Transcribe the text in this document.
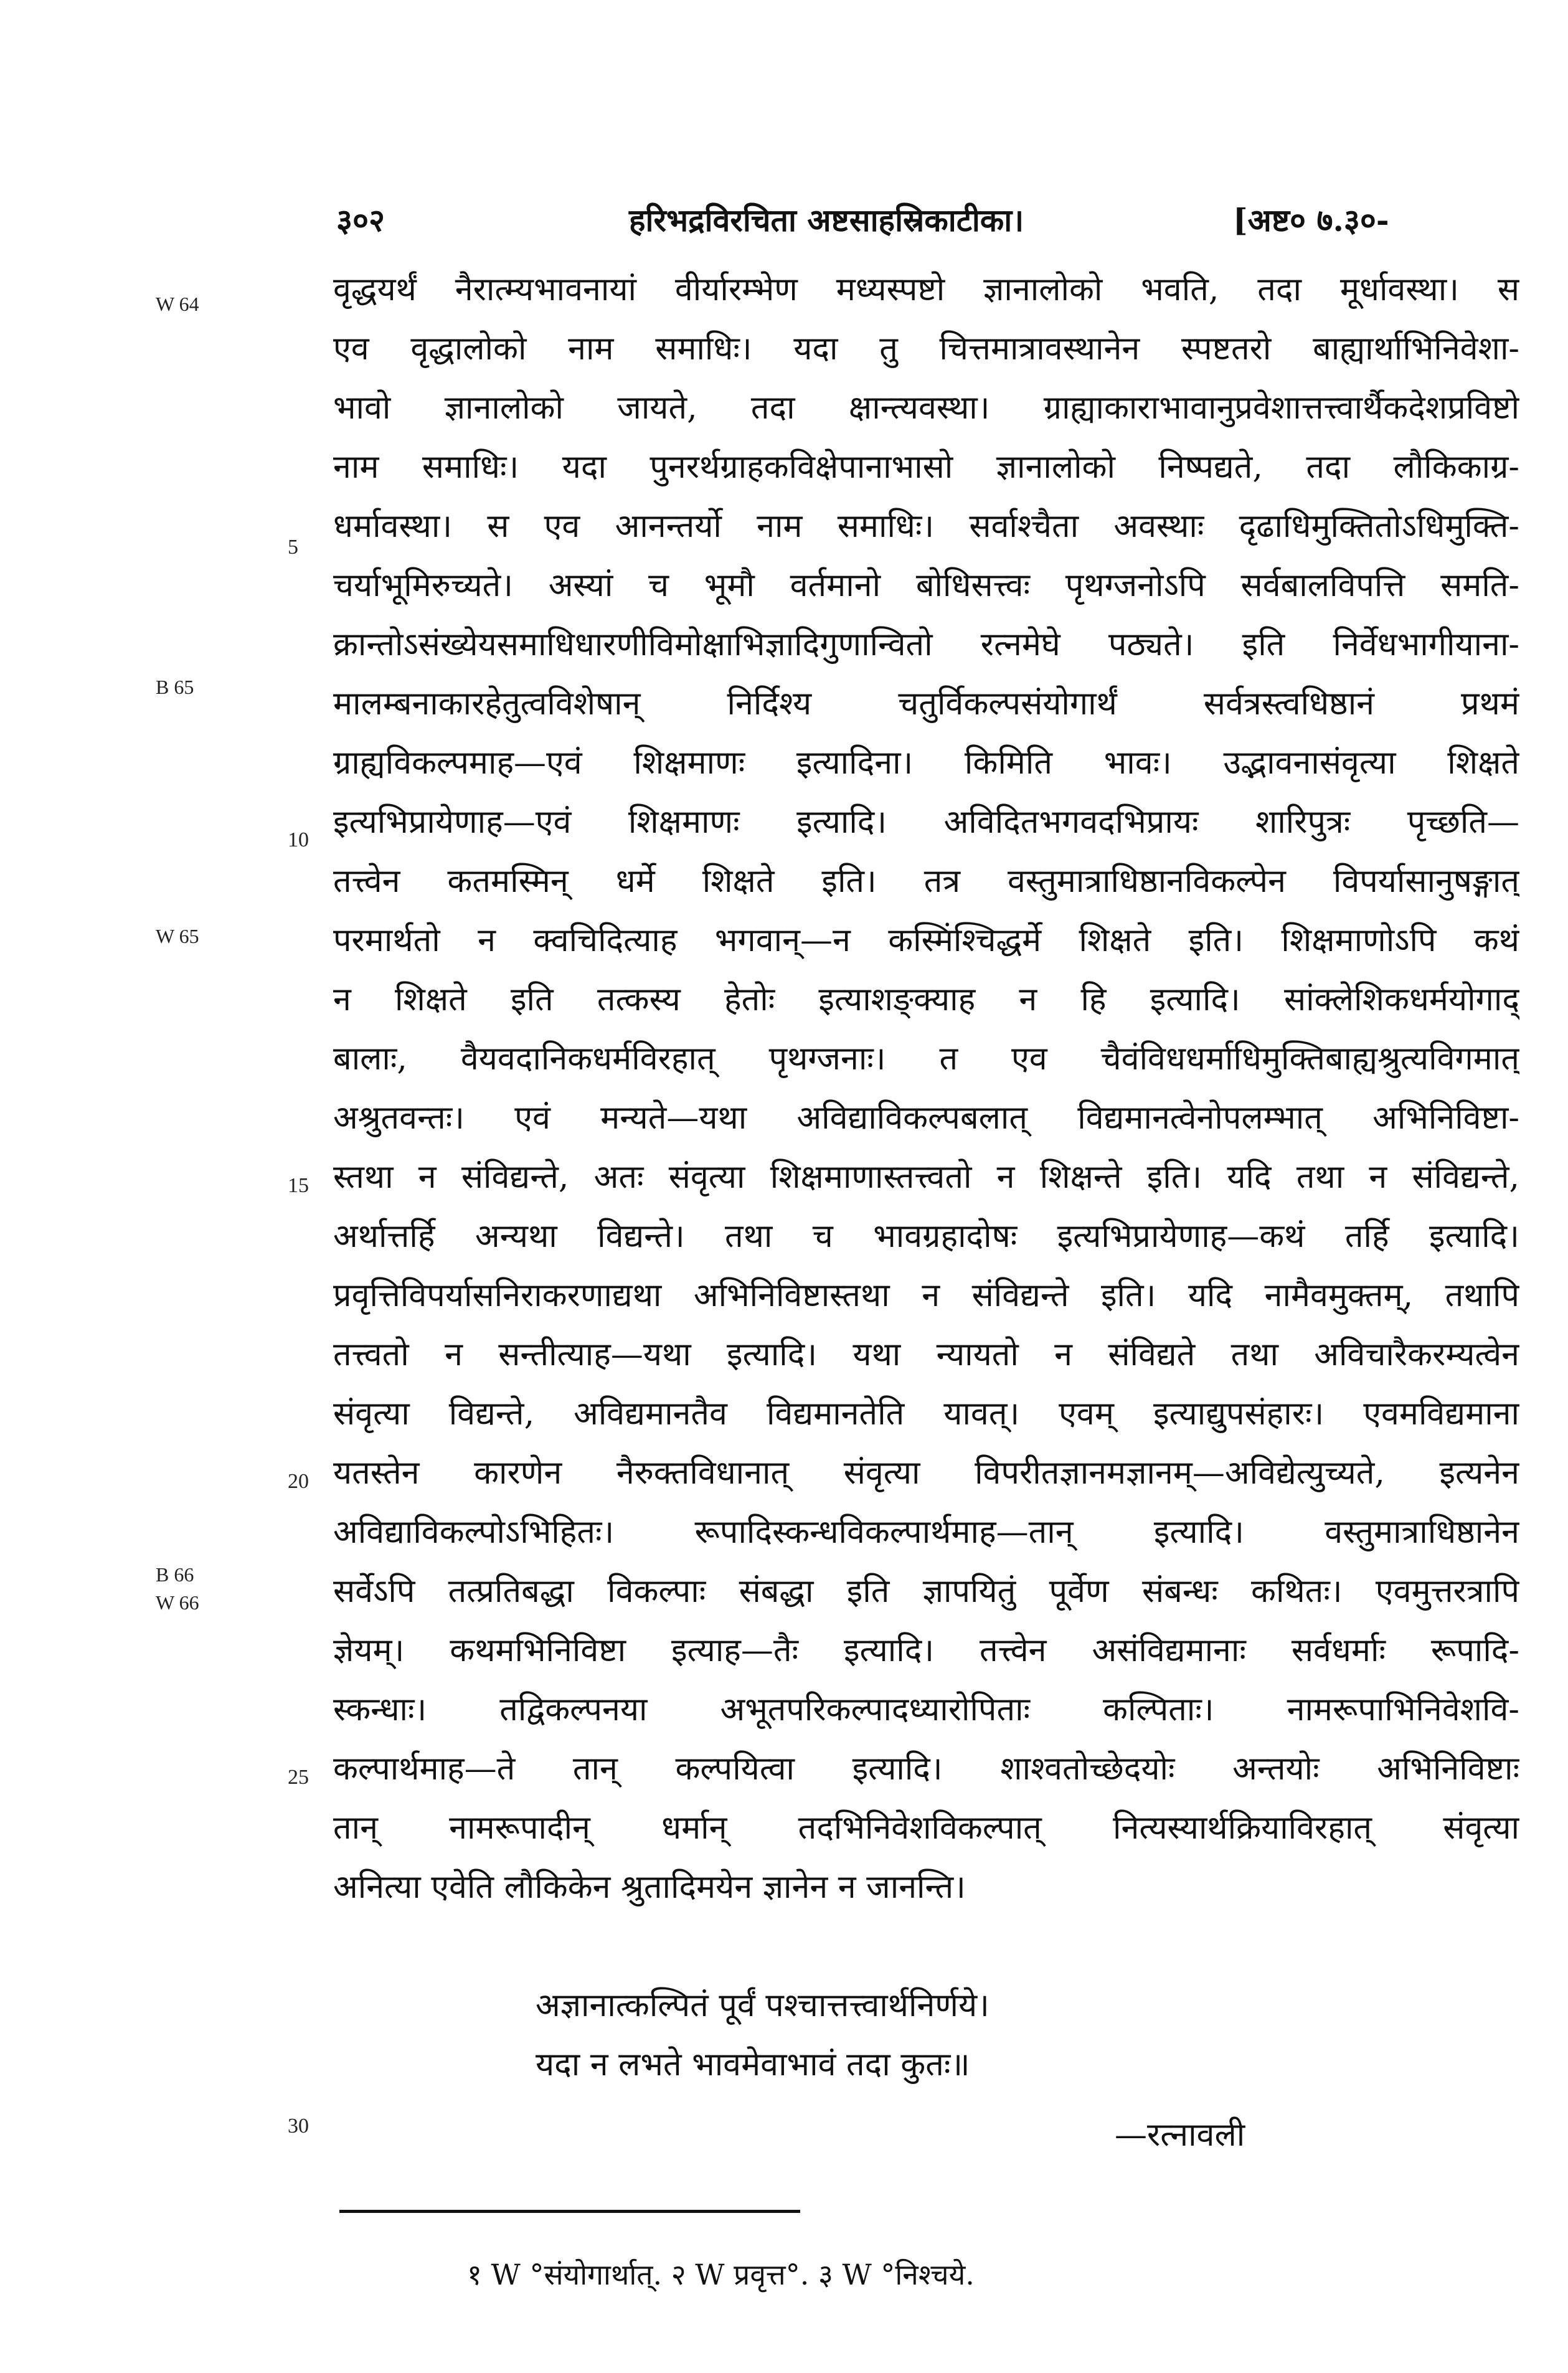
३०२	हरिभद्रविरचिता अष्टसाहस्रिकाटीका।	[अष्ट० ७.३०-
W 64
B 65
W 65
B 66
W 66
5
10
15
20
25
30
वृद्धयर्थं नैरात्म्यभावनायां वीर्यारम्भेण मध्यस्पष्टो ज्ञानालोको भवति, तदा मूर्धावस्था। स
एव वृद्धालोको नाम समाधिः। यदा तु चित्तमात्रावस्थानेन स्पष्टतरो बाह्यार्थाभिनिवेशा-
भावो ज्ञानालोको जायते, तदा क्षान्त्यवस्था। ग्राह्याकाराभावानुप्रवेशात्तत्त्वार्थैकदेशप्रविष्टो
नाम समाधिः। यदा पुनरर्थग्राहकविक्षेपानाभासो ज्ञानालोको निष्पद्यते, तदा लौकिकाग्र-
धर्मावस्था। स एव आनन्तर्यो नाम समाधिः। सर्वाश्चैता अवस्थाः दृढाधिमुक्तितोऽधिमुक्ति-
चर्याभूमिरुच्यते। अस्यां च भूमौ वर्तमानो बोधिसत्त्वः पृथग्जनोऽपि सर्वबालविपत्ति समति-
क्रान्तोऽसंख्येयसमाधिधारणीविमोक्षाभिज्ञादिगुणान्वितो रत्नमेघे पठ्यते। इति निर्वेधभागीयाना-
मालम्बनाकारहेतुत्वविशेषान् निर्दिश्य चतुर्विकल्पसंयोगार्थं सर्वत्रस्त्वधिष्ठानं प्रथमं
ग्राह्यविकल्पमाह—एवं शिक्षमाणः इत्यादिना। किमिति भावः। उद्भावनासंवृत्या शिक्षते
इत्यभिप्रायेणाह—एवं शिक्षमाणः इत्यादि। अविदितभगवदभिप्रायः शारिपुत्रः पृच्छति—
तत्त्वेन कतमस्मिन् धर्मे शिक्षते इति। तत्र वस्तुमात्राधिष्ठानविकल्पेन विपर्यासानुषङ्गात्
परमार्थतो न क्वचिदित्याह भगवान्—न कस्मिंश्चिद्धर्मे शिक्षते इति। शिक्षमाणोऽपि कथं
न शिक्षते इति तत्कस्य हेतोः इत्याशङ्क्याह न हि इत्यादि। सांक्लेशिकधर्मयोगाद्
बालाः, वैयवदानिकधर्मविरहात् पृथग्जनाः। त एव चैवंविधधर्माधिमुक्तिबाह्यश्रुत्यविगमात्
अश्रुतवन्तः। एवं मन्यते—यथा अविद्याविकल्पबलात् विद्यमानत्वेनोपलम्भात् अभिनिविष्टा-
स्तथा न संविद्यन्ते, अतः संवृत्या शिक्षमाणास्तत्त्वतो न शिक्षन्ते इति। यदि तथा न संविद्यन्ते,
अर्थात्तर्हि अन्यथा विद्यन्ते। तथा च भावग्रहादोषः इत्यभिप्रायेणाह—कथं तर्हि इत्यादि।
प्रवृत्तिविपर्यासनिराकरणाद्यथा अभिनिविष्टास्तथा न संविद्यन्ते इति। यदि नामैवमुक्तम्, तथापि
तत्त्वतो न सन्तीत्याह—यथा इत्यादि। यथा न्यायतो न संविद्यते तथा अविचारैकरम्यत्वेन
संवृत्या विद्यन्ते, अविद्यमानतैव विद्यमानतेति यावत्। एवम् इत्याद्युपसंहारः। एवमविद्यमाना
यतस्तेन कारणेन नैरुक्तविधानात् संवृत्या विपरीतज्ञानमज्ञानम्—अविद्येत्युच्यते, इत्यनेन
अविद्याविकल्पोऽभिहितः। रूपादिस्कन्धविकल्पार्थमाह—तान् इत्यादि। वस्तुमात्राधिष्ठानेन
सर्वेऽपि तत्प्रतिबद्धा विकल्पाः संबद्धा इति ज्ञापयितुं पूर्वेण संबन्धः कथितः। एवमुत्तरत्रापि
ज्ञेयम्। कथमभिनिविष्टा इत्याह—तैः इत्यादि। तत्त्वेन असंविद्यमानाः सर्वधर्माः रूपादि-
स्कन्धाः। तद्विकल्पनया अभूतपरिकल्पादध्यारोपिताः कल्पिताः। नामरूपाभिनिवेशवि-
कल्पार्थमाह—ते तान् कल्पयित्वा इत्यादि। शाश्वतोच्छेदयोः अन्तयोः अभिनिविष्टाः
तान् नामरूपादीन् धर्मान् तदभिनिवेशविकल्पात् नित्यस्यार्थक्रियाविरहात् संवृत्या
अनित्या एवेति लौकिकेन श्रुतादिमयेन ज्ञानेन न जानन्ति।
अज्ञानात्कल्पितं पूर्वं पश्चात्तत्त्वार्थनिर्णये।
यदा न लभते भावमेवाभावं तदा कुतः॥
—रत्नावली
१ W °संयोगार्थात्. २ W प्रवृत्त°. ३ W °निश्चये.
